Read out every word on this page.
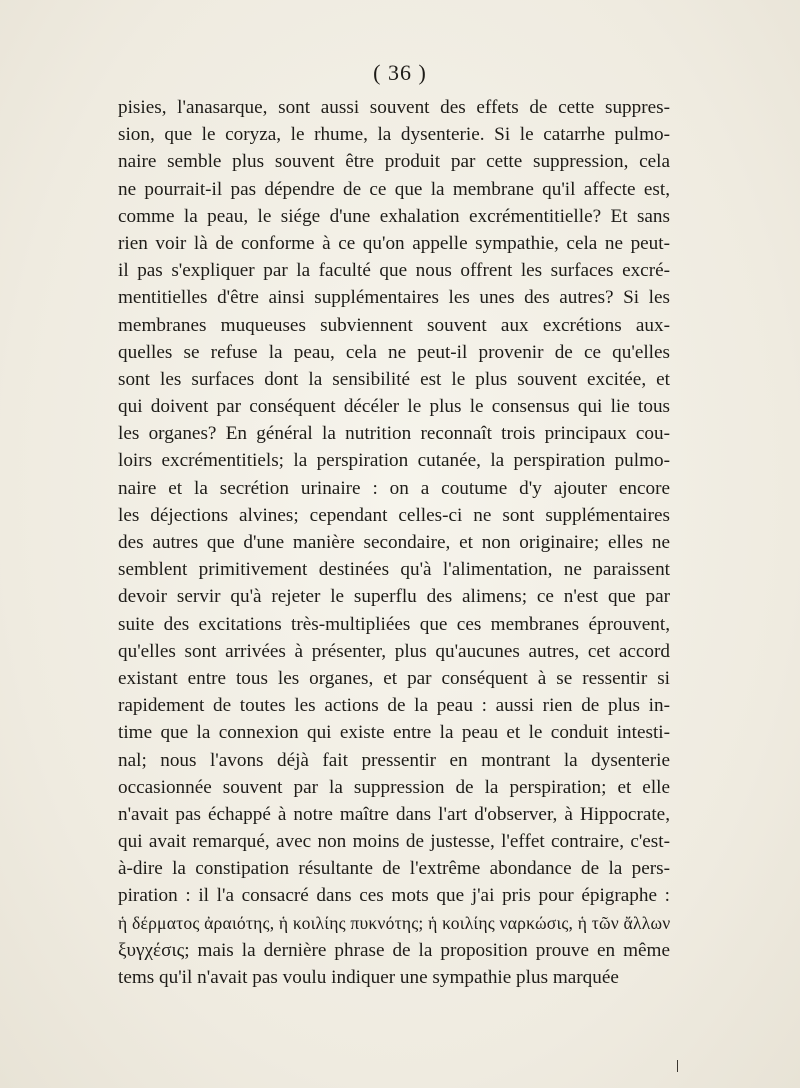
( 36 )
pisies, l'anasarque, sont aussi souvent des effets de cette suppres-
sion, que le coryza, le rhume, la dysenterie. Si le catarrhe pulmo-
naire semble plus souvent être produit par cette suppression, cela
ne pourrait-il pas dépendre de ce que la membrane qu'il affecte est,
comme la peau, le siége d'une exhalation excrémentitielle? Et sans
rien voir là de conforme à ce qu'on appelle sympathie, cela ne peut-
il pas s'expliquer par la faculté que nous offrent les surfaces excré-
mentitielles d'être ainsi supplémentaires les unes des autres? Si les
membranes muqueuses subviennent souvent aux excrétions aux-
quelles se refuse la peau, cela ne peut-il provenir de ce qu'elles
sont les surfaces dont la sensibilité est le plus souvent excitée, et
qui doivent par conséquent décéler le plus le consensus qui lie tous
les organes? En général la nutrition reconnaît trois principaux cou-
loirs excrémentitiels; la perspiration cutanée, la perspiration pulmo-
naire et la secrétion urinaire : on a coutume d'y ajouter encore
les déjections alvines; cependant celles-ci ne sont supplémentaires
des autres que d'une manière secondaire, et non originaire; elles ne
semblent primitivement destinées qu'à l'alimentation, ne paraissent
devoir servir qu'à rejeter le superflu des alimens; ce n'est que par
suite des excitations très-multipliées que ces membranes éprouvent,
qu'elles sont arrivées à présenter, plus qu'aucunes autres, cet accord
existant entre tous les organes, et par conséquent à se ressentir si
rapidement de toutes les actions de la peau : aussi rien de plus in-
time que la connexion qui existe entre la peau et le conduit intesti-
nal; nous l'avons déjà fait pressentir en montrant la dysenterie
occasionnée souvent par la suppression de la perspiration; et elle
n'avait pas échappé à notre maître dans l'art d'observer, à Hippocrate,
qui avait remarqué, avec non moins de justesse, l'effet contraire, c'est-
à-dire la constipation résultante de l'extrême abondance de la pers-
piration : il l'a consacré dans ces mots que j'ai pris pour épigraphe :
ἡ δέρματος ἀραιότης, ἡ κοιλίης πυκνότης; ἡ κοιλίης ναρκώσις, ἡ τῶν ἄλλων
ξυγχέσις; mais la dernière phrase de la proposition prouve en même
tems qu'il n'avait pas voulu indiquer une sympathie plus marquée
